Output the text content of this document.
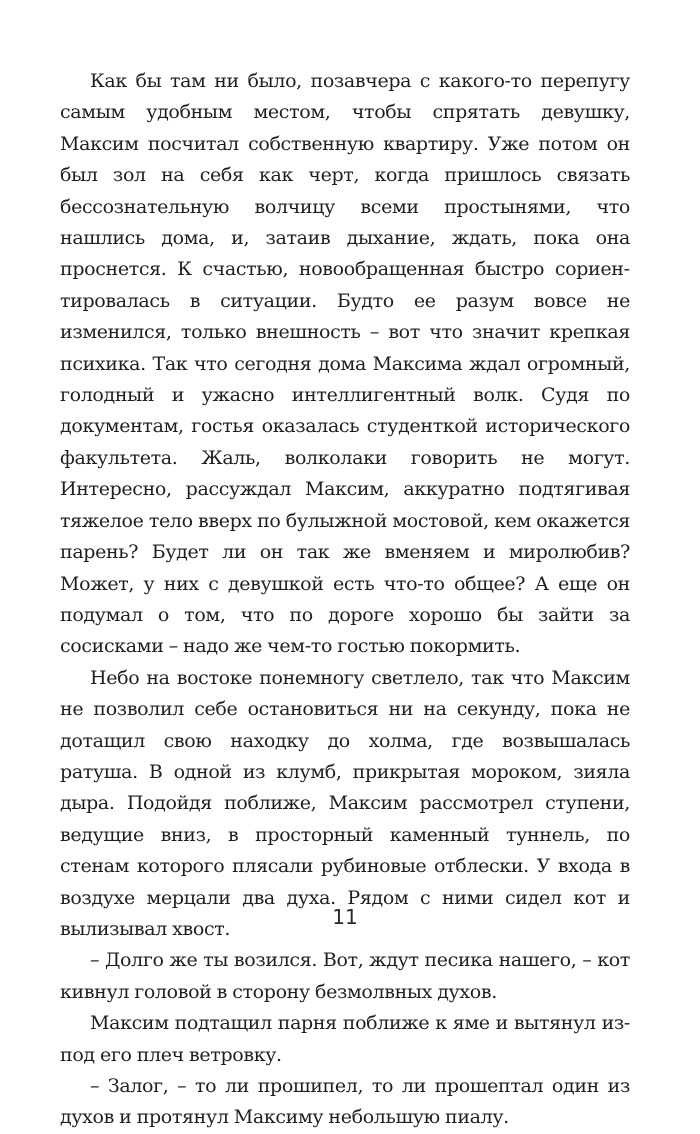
Как бы там ни было, позавчера с какого-то перепугу самым удобным местом, чтобы спрятать девушку, Максим посчитал собственную квартиру. Уже потом он был зол на себя как черт, когда пришлось связать бессознательную волчицу всеми простынями, что нашлись дома, и, затаив дыхание, ждать, пока она проснется. К счастью, новообращенная быстро сориентировалась в ситуации. Будто ее разум вовсе не изменился, только внешность – вот что значит крепкая психика. Так что сегодня дома Максима ждал огромный, голодный и ужасно интеллигентный волк. Судя по документам, гостья оказалась студенткой исторического факультета. Жаль, волколаки говорить не могут. Интересно, рассуждал Максим, аккуратно подтягивая тяжелое тело вверх по булыжной мостовой, кем окажется парень? Будет ли он так же вменяем и миролюбив? Может, у них с девушкой есть что-то общее? А еще он подумал о том, что по дороге хорошо бы зайти за сосисками – надо же чем-то гостью покормить.

Небо на востоке понемногу светлело, так что Максим не позволил себе остановиться ни на секунду, пока не дотащил свою находку до холма, где возвышалась ратуша. В одной из клумб, прикрытая мороком, зияла дыра. Подойдя поближе, Максим рассмотрел ступени, ведущие вниз, в просторный каменный туннель, по стенам которого плясали рубиновые отблески. У входа в воздухе мерцали два духа. Рядом с ними сидел кот и вылизывал хвост.

– Долго же ты возился. Вот, ждут песика нашего, – кот кивнул головой в сторону безмолвных духов.

Максим подтащил парня поближе к яме и вытянул из-под его плеч ветровку.

– Залог, – то ли прошипел, то ли прошептал один из духов и протянул Максиму небольшую пиалу.

11
